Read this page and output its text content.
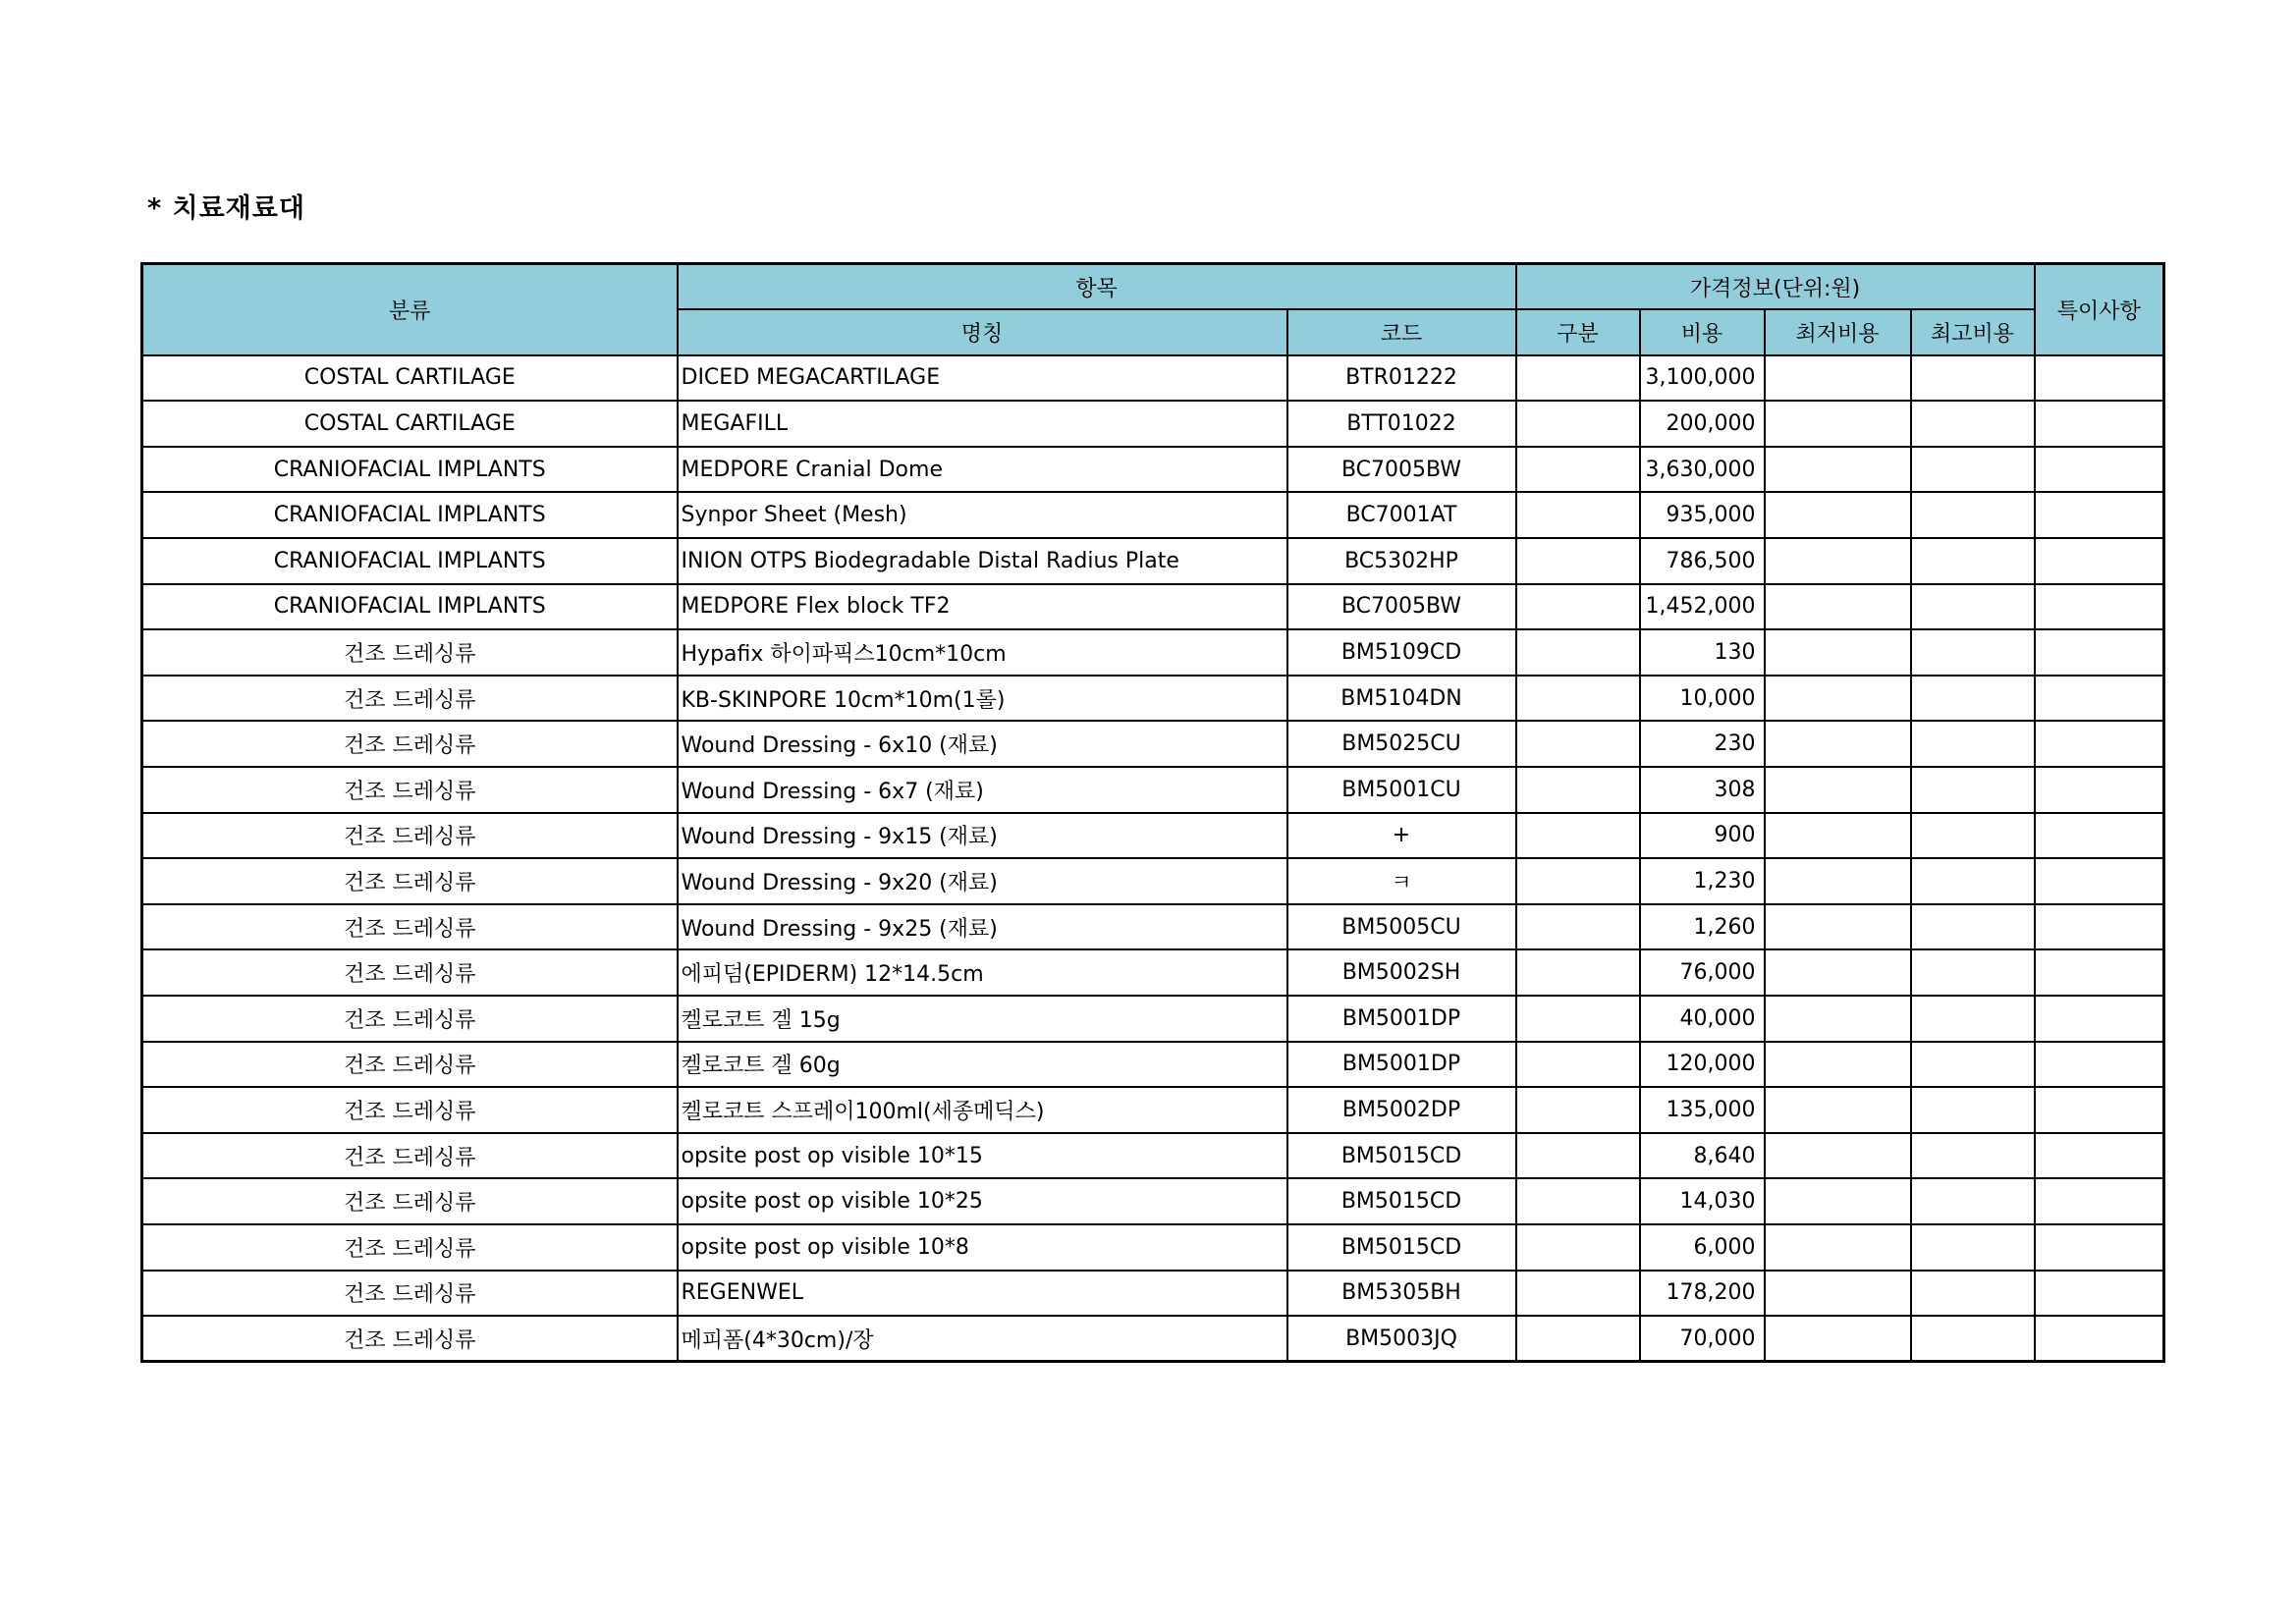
* 치료재료대
분류	항목		가격정보(단위:원)				특이사항
	명칭	코드	구분	비용	최저비용	최고비용	
COSTAL CARTILAGE	DICED MEGACARTILAGE	BTR01222		3,100,000			
COSTAL CARTILAGE	MEGAFILL	BTT01022		200,000			
CRANIOFACIAL IMPLANTS	MEDPORE Cranial Dome	BC7005BW		3,630,000			
CRANIOFACIAL IMPLANTS	Synpor Sheet (Mesh)	BC7001AT		935,000			
CRANIOFACIAL IMPLANTS	INION OTPS Biodegradable Distal Radius Plate	BC5302HP		786,500			
CRANIOFACIAL IMPLANTS	MEDPORE Flex block TF2	BC7005BW		1,452,000			
건조 드레싱류	Hypafix 하이파픽스10cm*10cm	BM5109CD		130			
건조 드레싱류	KB-SKINPORE 10cm*10m(1롤)	BM5104DN		10,000			
건조 드레싱류	Wound Dressing - 6x10 (재료)	BM5025CU		230			
건조 드레싱류	Wound Dressing - 6x7 (재료)	BM5001CU		308			
건조 드레싱류	Wound Dressing - 9x15 (재료)	+		900			
건조 드레싱류	Wound Dressing - 9x20 (재료)	ㅋ		1,230			
건조 드레싱류	Wound Dressing - 9x25 (재료)	BM5005CU		1,260			
건조 드레싱류	에피덤(EPIDERM) 12*14.5cm	BM5002SH		76,000			
건조 드레싱류	켈로코트 겔 15g	BM5001DP		40,000			
건조 드레싱류	켈로코트 겔 60g	BM5001DP		120,000			
건조 드레싱류	켈로코트 스프레이100ml(세종메딕스)	BM5002DP		135,000			
건조 드레싱류	opsite post op visible 10*15	BM5015CD		8,640			
건조 드레싱류	opsite post op visible 10*25	BM5015CD		14,030			
건조 드레싱류	opsite post op visible 10*8	BM5015CD		6,000			
건조 드레싱류	REGENWEL	BM5305BH		178,200			
건조 드레싱류	메피폼(4*30cm)/장	BM5003JQ		70,000			
